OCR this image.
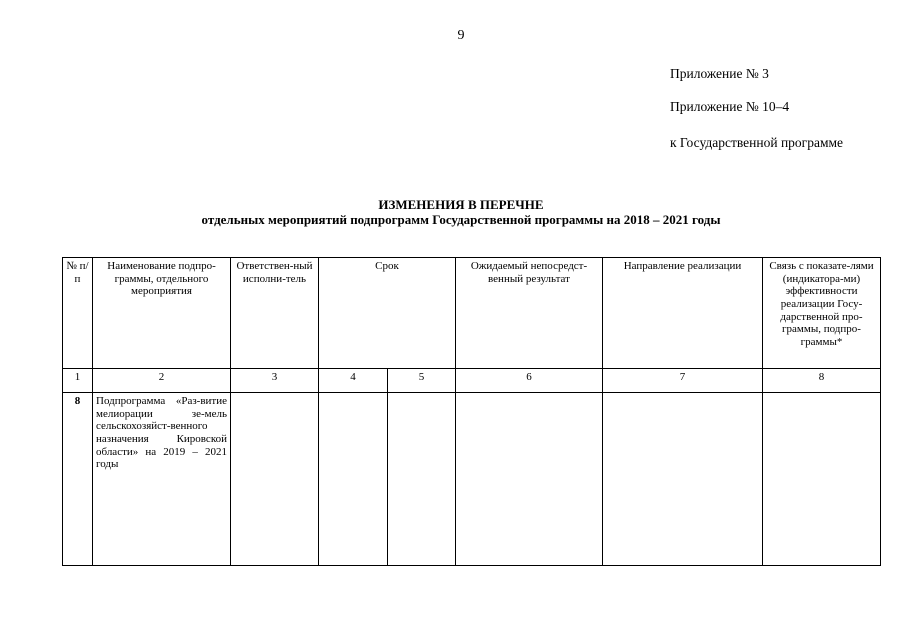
9
Приложение № 3
Приложение № 10–4
к Государственной программе
ИЗМЕНЕНИЯ В ПЕРЕЧНЕ
отдельных мероприятий подпрограмм Государственной программы на 2018 – 2021 годы
№ п/п	Наименование подпро-граммы, отдельного мероприятия	Ответствен-ный исполни-тель	Срок		Ожидаемый непосредст-венный результат	Направление реализации	Связь с показате-лями (индикатора-ми) эффективности реализации Госу-дарственной про-граммы, подпро-граммы*
1	2	3	4	5	6	7	8
8	Подпрограмма «Раз-витие мелиорации зе-мель сельскохозяйст-венного назначения Кировской области» на 2019 – 2021 годы						
